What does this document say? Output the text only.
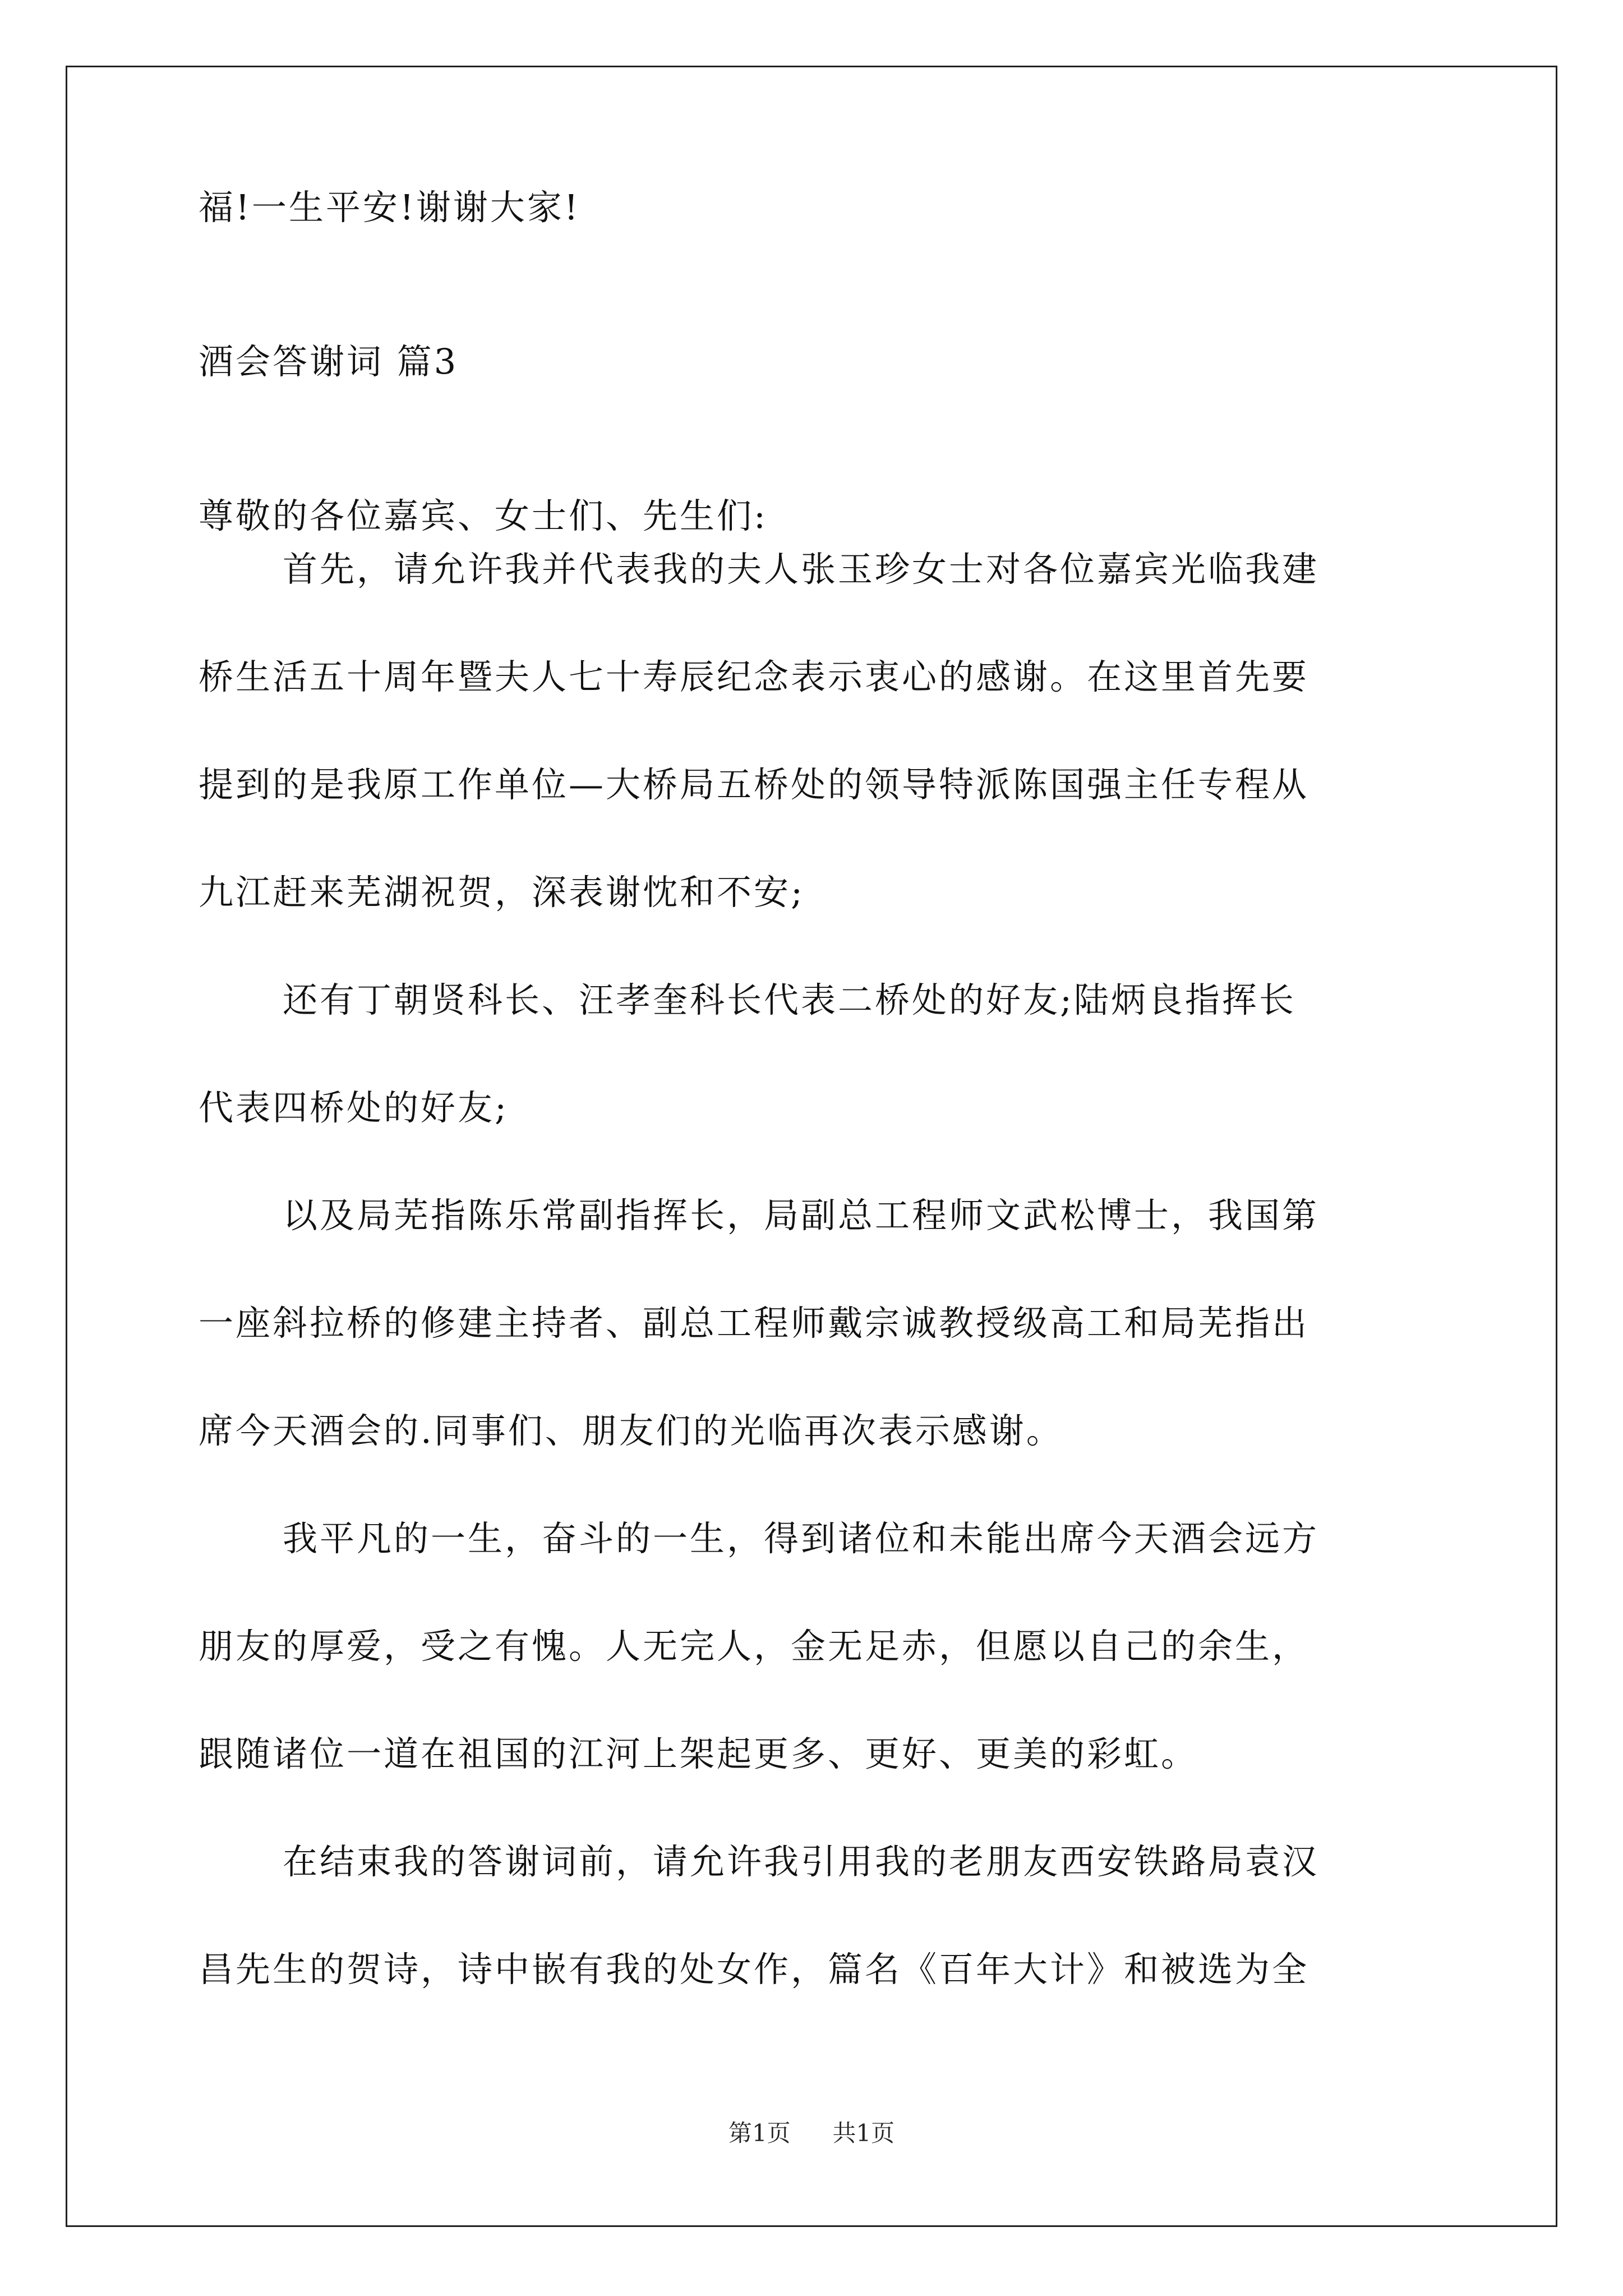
福!一生平安!谢谢大家!
酒会答谢词 篇3
尊敬的各位嘉宾、女士们、先生们:
首先，请允许我并代表我的夫人张玉珍女士对各位嘉宾光临我建
桥生活五十周年暨夫人七十寿辰纪念表示衷心的感谢。在这里首先要
提到的是我原工作单位—大桥局五桥处的领导特派陈国强主任专程从
九江赶来芜湖祝贺，深表谢忱和不安;
还有丁朝贤科长、汪孝奎科长代表二桥处的好友;陆炳良指挥长
代表四桥处的好友;
以及局芜指陈乐常副指挥长，局副总工程师文武松博士，我国第
一座斜拉桥的修建主持者、副总工程师戴宗诚教授级高工和局芜指出
席今天酒会的.同事们、朋友们的光临再次表示感谢。
我平凡的一生，奋斗的一生，得到诸位和未能出席今天酒会远方
朋友的厚爱，受之有愧。人无完人，金无足赤，但愿以自己的余生，
跟随诸位一道在祖国的江河上架起更多、更好、更美的彩虹。
在结束我的答谢词前，请允许我引用我的老朋友西安铁路局袁汉
昌先生的贺诗，诗中嵌有我的处女作，篇名《百年大计》和被选为全
第1页 共1页
